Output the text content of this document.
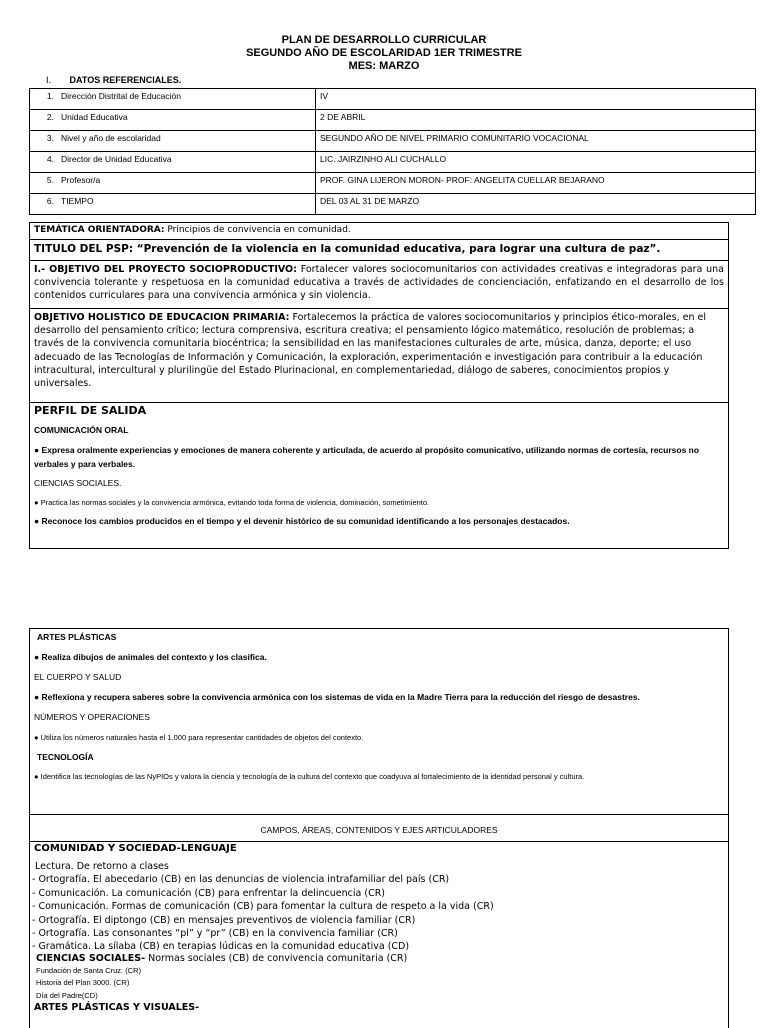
PLAN DE DESARROLLO CURRICULAR
SEGUNDO AÑO DE ESCOLARIDAD 1ER TRIMESTRE
MES: MARZO
I. DATOS REFERENCIALES.
1.	Dirección Distrital de Educación	IV
2.	Unidad Educativa	2 DE ABRIL
3.	Nivel y año de escolaridad	SEGUNDO AÑO DE NIVEL PRIMARIO COMUNITARIO VOCACIONAL
4.	Director de Unidad Educativa	LIC. JAIRZINHO ALI CUCHALLO
5.	Profesor/a	PROF. GINA LIJERON MORON- PROF: ANGELITA CUELLAR BEJARANO
6.	TIEMPO	DEL 03 AL 31 DE MARZO
TEMÁTICA ORIENTADORA: Principios de convivencia en comunidad.
TITULO DEL PSP: “Prevención de la violencia en la comunidad educativa, para lograr una cultura de paz”.
I.- OBJETIVO DEL PROYECTO SOCIOPRODUCTIVO: Fortalecer valores sociocomunitarios con actividades creativas e integradoras para una convivencia tolerante y respetuosa en la comunidad educativa a través de actividades de concienciación, enfatizando en el desarrollo de los contenidos curriculares para una convivencia armónica y sin violencia.
OBJETIVO HOLISTICO DE EDUCACION PRIMARIA: Fortalecemos la práctica de valores sociocomunitarios y principios ético-morales, en el desarrollo del pensamiento crítico; lectura comprensiva, escritura creativa; el pensamiento lógico matemático, resolución de problemas; a través de la convivencia comunitaria biocéntrica; la sensibilidad en las manifestaciones culturales de arte, música, danza, deporte; el uso adecuado de las Tecnologías de Información y Comunicación, la exploración, experimentación e investigación para contribuir a la educación intracultural, intercultural y plurilingüe del Estado Plurinacional, en complementariedad, diálogo de saberes, conocimientos propios y universales.
PERFIL DE SALIDA
COMUNICACIÓN ORAL
● Expresa oralmente experiencias y emociones de manera coherente y articulada, de acuerdo al propósito comunicativo, utilizando normas de cortesía, recursos no verbales y para verbales.
CIENCIAS SOCIALES.
● Practica las normas sociales y la convivencia armónica, evitando toda forma de violencia, dominación, sometimiento.
● Reconoce los cambios producidos en el tiempo y el devenir histórico de su comunidad identificando a los personajes destacados.
ARTES PLÁSTICAS
● Realiza dibujos de animales del contexto y los clasifica.
EL CUERPO Y SALUD
● Reflexiona y recupera saberes sobre la convivencia armónica con los sistemas de vida en la Madre Tierra para la reducción del riesgo de desastres.
NÚMEROS Y OPERACIONES
● Utiliza los números naturales hasta el 1.000 para representar cantidades de objetos del contexto.
TECNOLOGÍA
● Identifica las tecnologías de las NyPIOs y valora la ciencia y tecnología de la cultura del contexto que coadyuva al fortalecimiento de la identidad personal y cultura.
$_{CAMPOS, ÁREAS, CONTENIDOS Y EJES ARTICULADORES}$
COMUNIDAD Y SOCIEDAD-LENGUAJE
Lectura. De retorno a clases
- Ortografía. El abecedario (CB) en las denuncias de violencia intrafamiliar del país (CR)
- Comunicación. La comunicación (CB) para enfrentar la delincuencia (CR)
- Comunicación. Formas de comunicación (CB) para fomentar la cultura de respeto a la vida (CR)
- Ortografía. El diptongo (CB) en mensajes preventivos de violencia familiar (CR)
- Ortografía. Las consonantes “pl” y “pr” (CB) en la convivencia familiar (CR)
- Gramática. La sílaba (CB) en terapias lúdicas en la comunidad educativa (CD)
CIENCIAS SOCIALES- Normas sociales (CB) de convivencia comunitaria (CR)
Fundación de Santa Cruz. (CR)
Historia del Plan 3000. (CR)
Día del Padre(CD)
ARTES PLÁSTICAS Y VISUALES-
